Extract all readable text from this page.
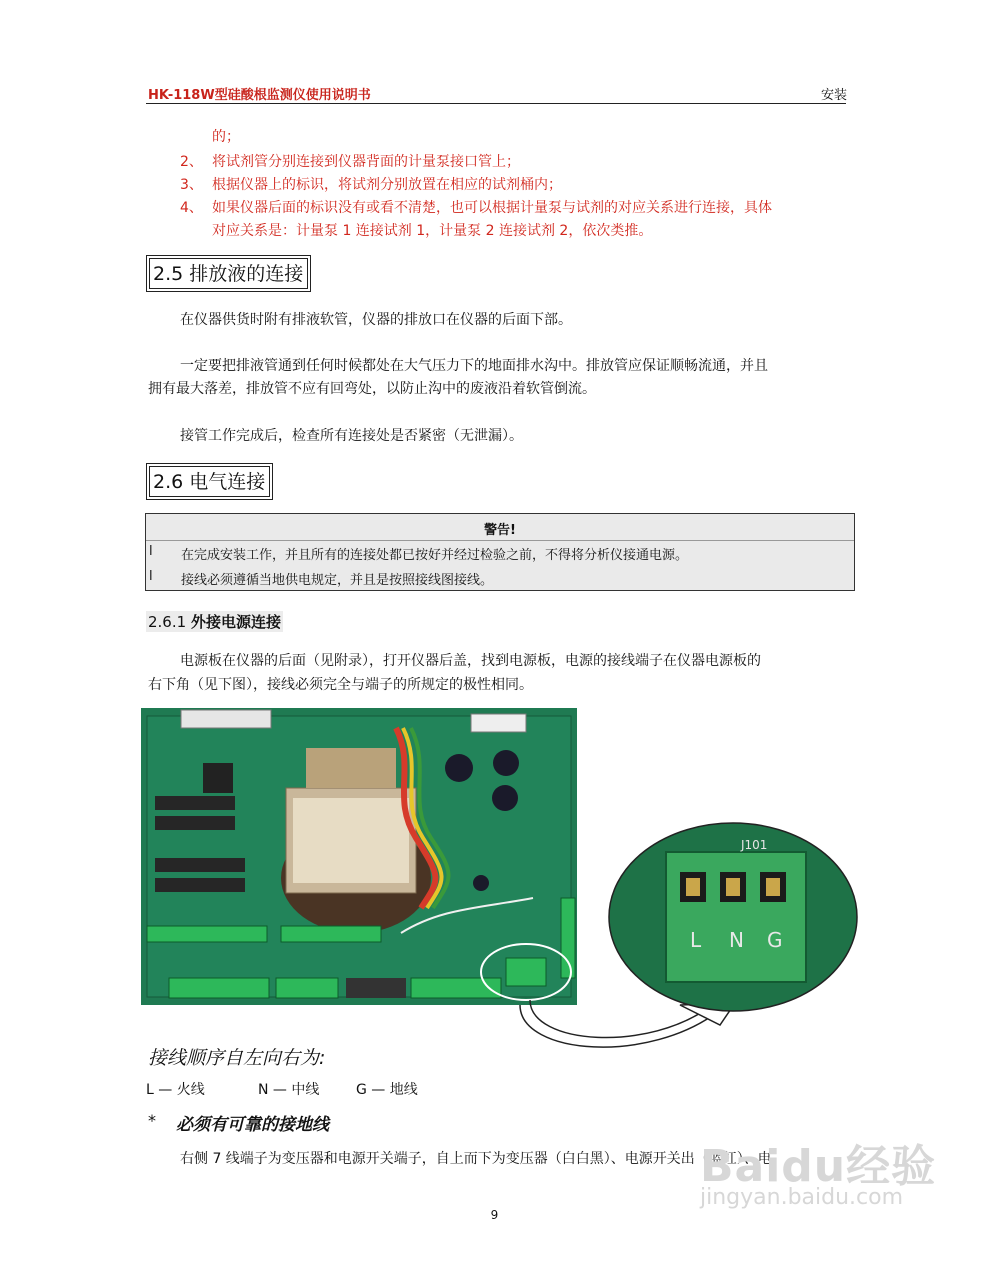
HK-118W型硅酸根监测仪使用说明书	安装
的；
2、 将试剂管分别连接到仪器背面的计量泵接口管上；
3、 根据仪器上的标识，将试剂分别放置在相应的试剂桶内；
4、 如果仪器后面的标识没有或看不清楚，也可以根据计量泵与试剂的对应关系进行连接，具体
对应关系是：计量泵 1 连接试剂 1，计量泵 2 连接试剂 2，依次类推。
2.5 排放液的连接
在仪器供货时附有排液软管，仪器的排放口在仪器的后面下部。
一定要把排液管通到任何时候都处在大气压力下的地面排水沟中。排放管应保证顺畅流通，并且
拥有最大落差，排放管不应有回弯处，以防止沟中的废液沿着软管倒流。
接管工作完成后，检查所有连接处是否紧密（无泄漏）。
2.6 电气连接
警告!
l 在完成安装工作，并且所有的连接处都已按好并经过检验之前，不得将分析仪接通电源。
l 接线必须遵循当地供电规定，并且是按照接线图接线。
2.6.1 外接电源连接
电源板在仪器的后面（见附录），打开仪器后盖，找到电源板，电源的接线端子在仪器电源板的
右下角（见下图），接线必须完全与端子的所规定的极性相同。
J101
L N G
接线顺序自左向右为:
L — 火线	N — 中线	G — 地线
* 必须有可靠的接地线
右侧 7 线端子为变压器和电源开关端子，自上而下为变压器（白白黑）、电源开关出（蓝红）、电
Baidu经验
jingyan.baidu.com
9
